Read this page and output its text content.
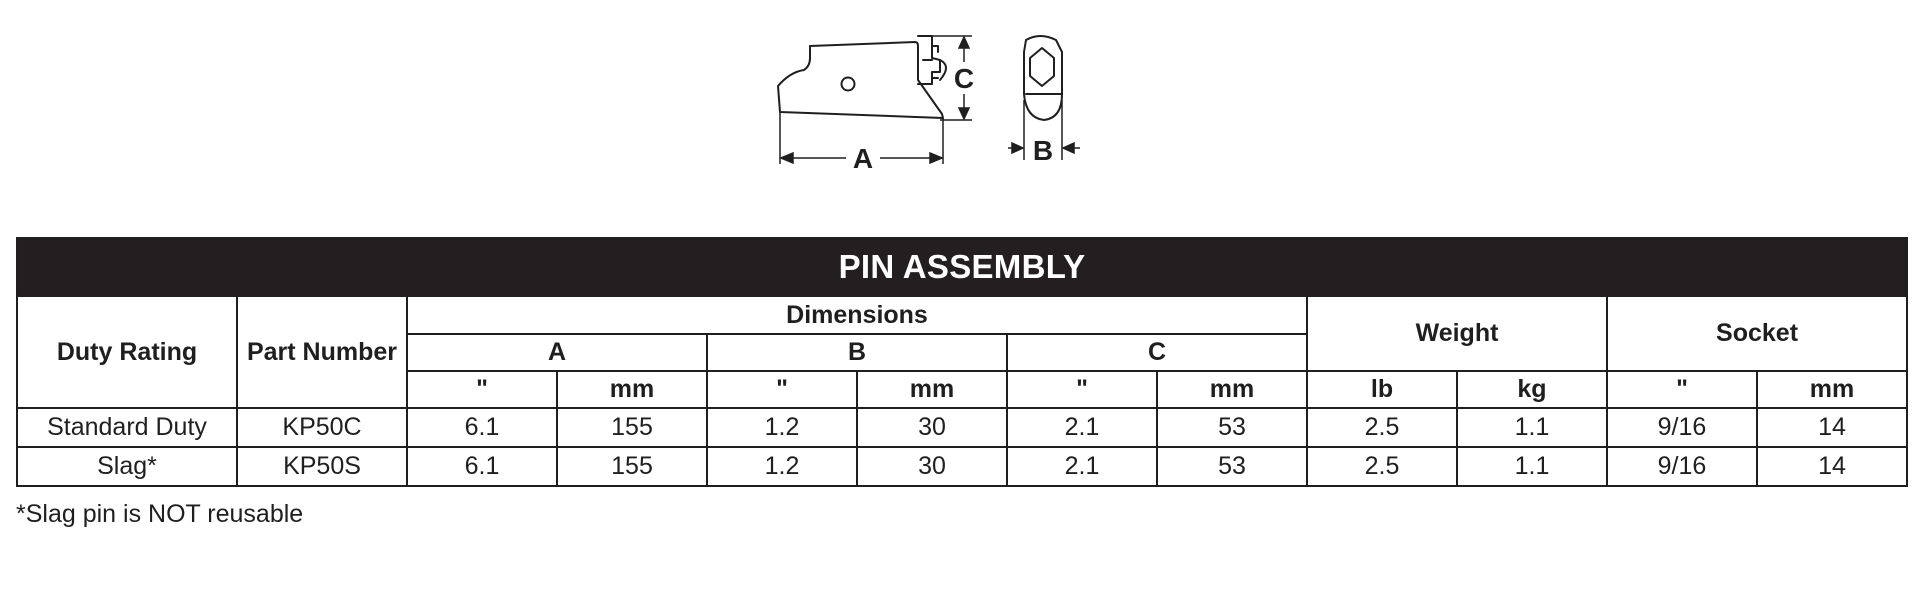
C
A	B
PIN ASSEMBLY											
Duty Rating	Part Number	Dimensions						Weight		Socket	
		A		B		C					
		"	mm	"	mm	"	mm	lb	kg	"	mm
Standard Duty	KP50C	6.1	155	1.2	30	2.1	53	2.5	1.1	9/16	14
Slag*	KP50S	6.1	155	1.2	30	2.1	53	2.5	1.1	9/16	14
*Slag pin is NOT reusable
